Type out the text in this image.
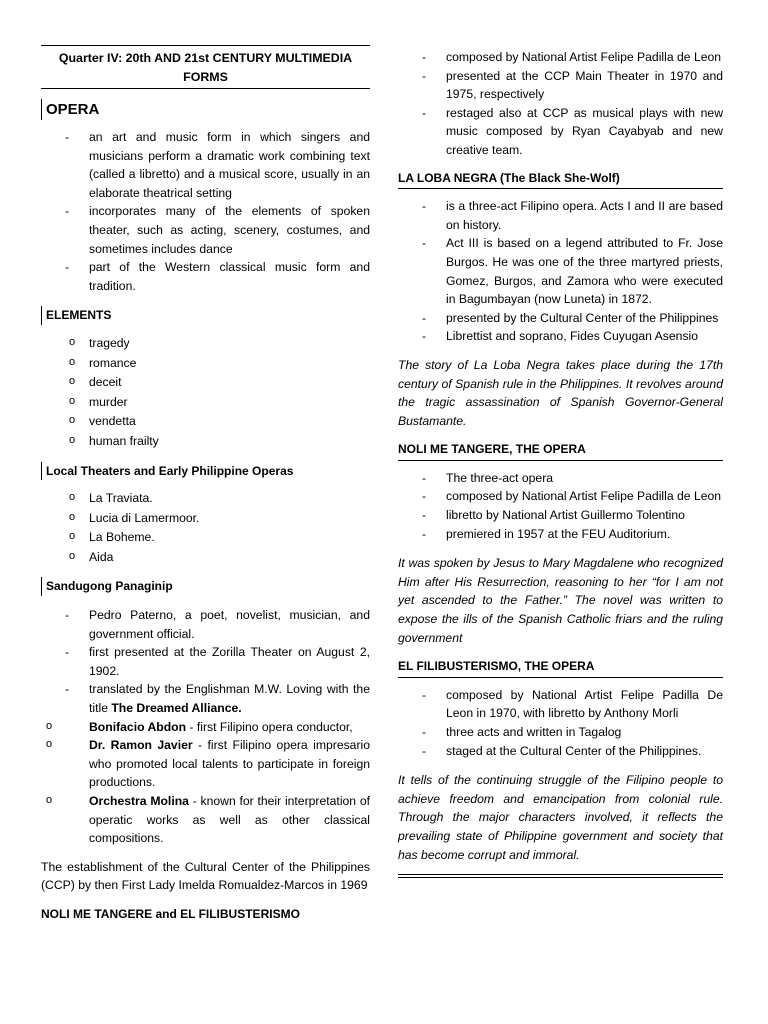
Quarter IV: 20th AND 21st CENTURY MULTIMEDIA
FORMS
OPERA
- an art and music form in which singers and musicians perform a dramatic work combining text (called a libretto) and a musical score, usually in an elaborate theatrical setting
- incorporates many of the elements of spoken theater, such as acting, scenery, costumes, and sometimes includes dance
- part of the Western classical music form and tradition.
ELEMENTS
o tragedy
o romance
o deceit
o murder
o vendetta
o human frailty
Local Theaters and Early Philippine Operas
o La Traviata.
o Lucia di Lamermoor.
o La Boheme.
o Aida
Sandugong Panaginip
- Pedro Paterno, a poet, novelist, musician, and government official.
- first presented at the Zorilla Theater on August 2, 1902.
- translated by the Englishman M.W. Loving with the title The Dreamed Alliance.
o Bonifacio Abdon - first Filipino opera conductor,
o Dr. Ramon Javier - first Filipino opera impresario who promoted local talents to participate in foreign productions.
o Orchestra Molina - known for their interpretation of operatic works as well as other classical compositions.
The establishment of the Cultural Center of the Philippines (CCP) by then First Lady Imelda Romualdez-Marcos in 1969
NOLI ME TANGERE and EL FILIBUSTERISMO
- composed by National Artist Felipe Padilla de Leon
- presented at the CCP Main Theater in 1970 and 1975, respectively
- restaged also at CCP as musical plays with new music composed by Ryan Cayabyab and new creative team.
LA LOBA NEGRA (The Black She-Wolf)
- is a three-act Filipino opera. Acts I and II are based on history.
- Act III is based on a legend attributed to Fr. Jose Burgos. He was one of the three martyred priests, Gomez, Burgos, and Zamora who were executed in Bagumbayan (now Luneta) in 1872.
- presented by the Cultural Center of the Philippines
- Librettist and soprano, Fides Cuyugan Asensio
The story of La Loba Negra takes place during the 17th century of Spanish rule in the Philippines. It revolves around the tragic assassination of Spanish Governor-General Bustamante.
NOLI ME TANGERE, THE OPERA
- The three-act opera
- composed by National Artist Felipe Padilla de Leon
- libretto by National Artist Guillermo Tolentino
- premiered in 1957 at the FEU Auditorium.
It was spoken by Jesus to Mary Magdalene who recognized Him after His Resurrection, reasoning to her “for I am not yet ascended to the Father.” The novel was written to expose the ills of the Spanish Catholic friars and the ruling government
EL FILIBUSTERISMO, THE OPERA
- composed by National Artist Felipe Padilla De Leon in 1970, with libretto by Anthony Morli
- three acts and written in Tagalog
- staged at the Cultural Center of the Philippines.
It tells of the continuing struggle of the Filipino people to achieve freedom and emancipation from colonial rule. Through the major characters involved, it reflects the prevailing state of Philippine government and society that has become corrupt and immoral.
